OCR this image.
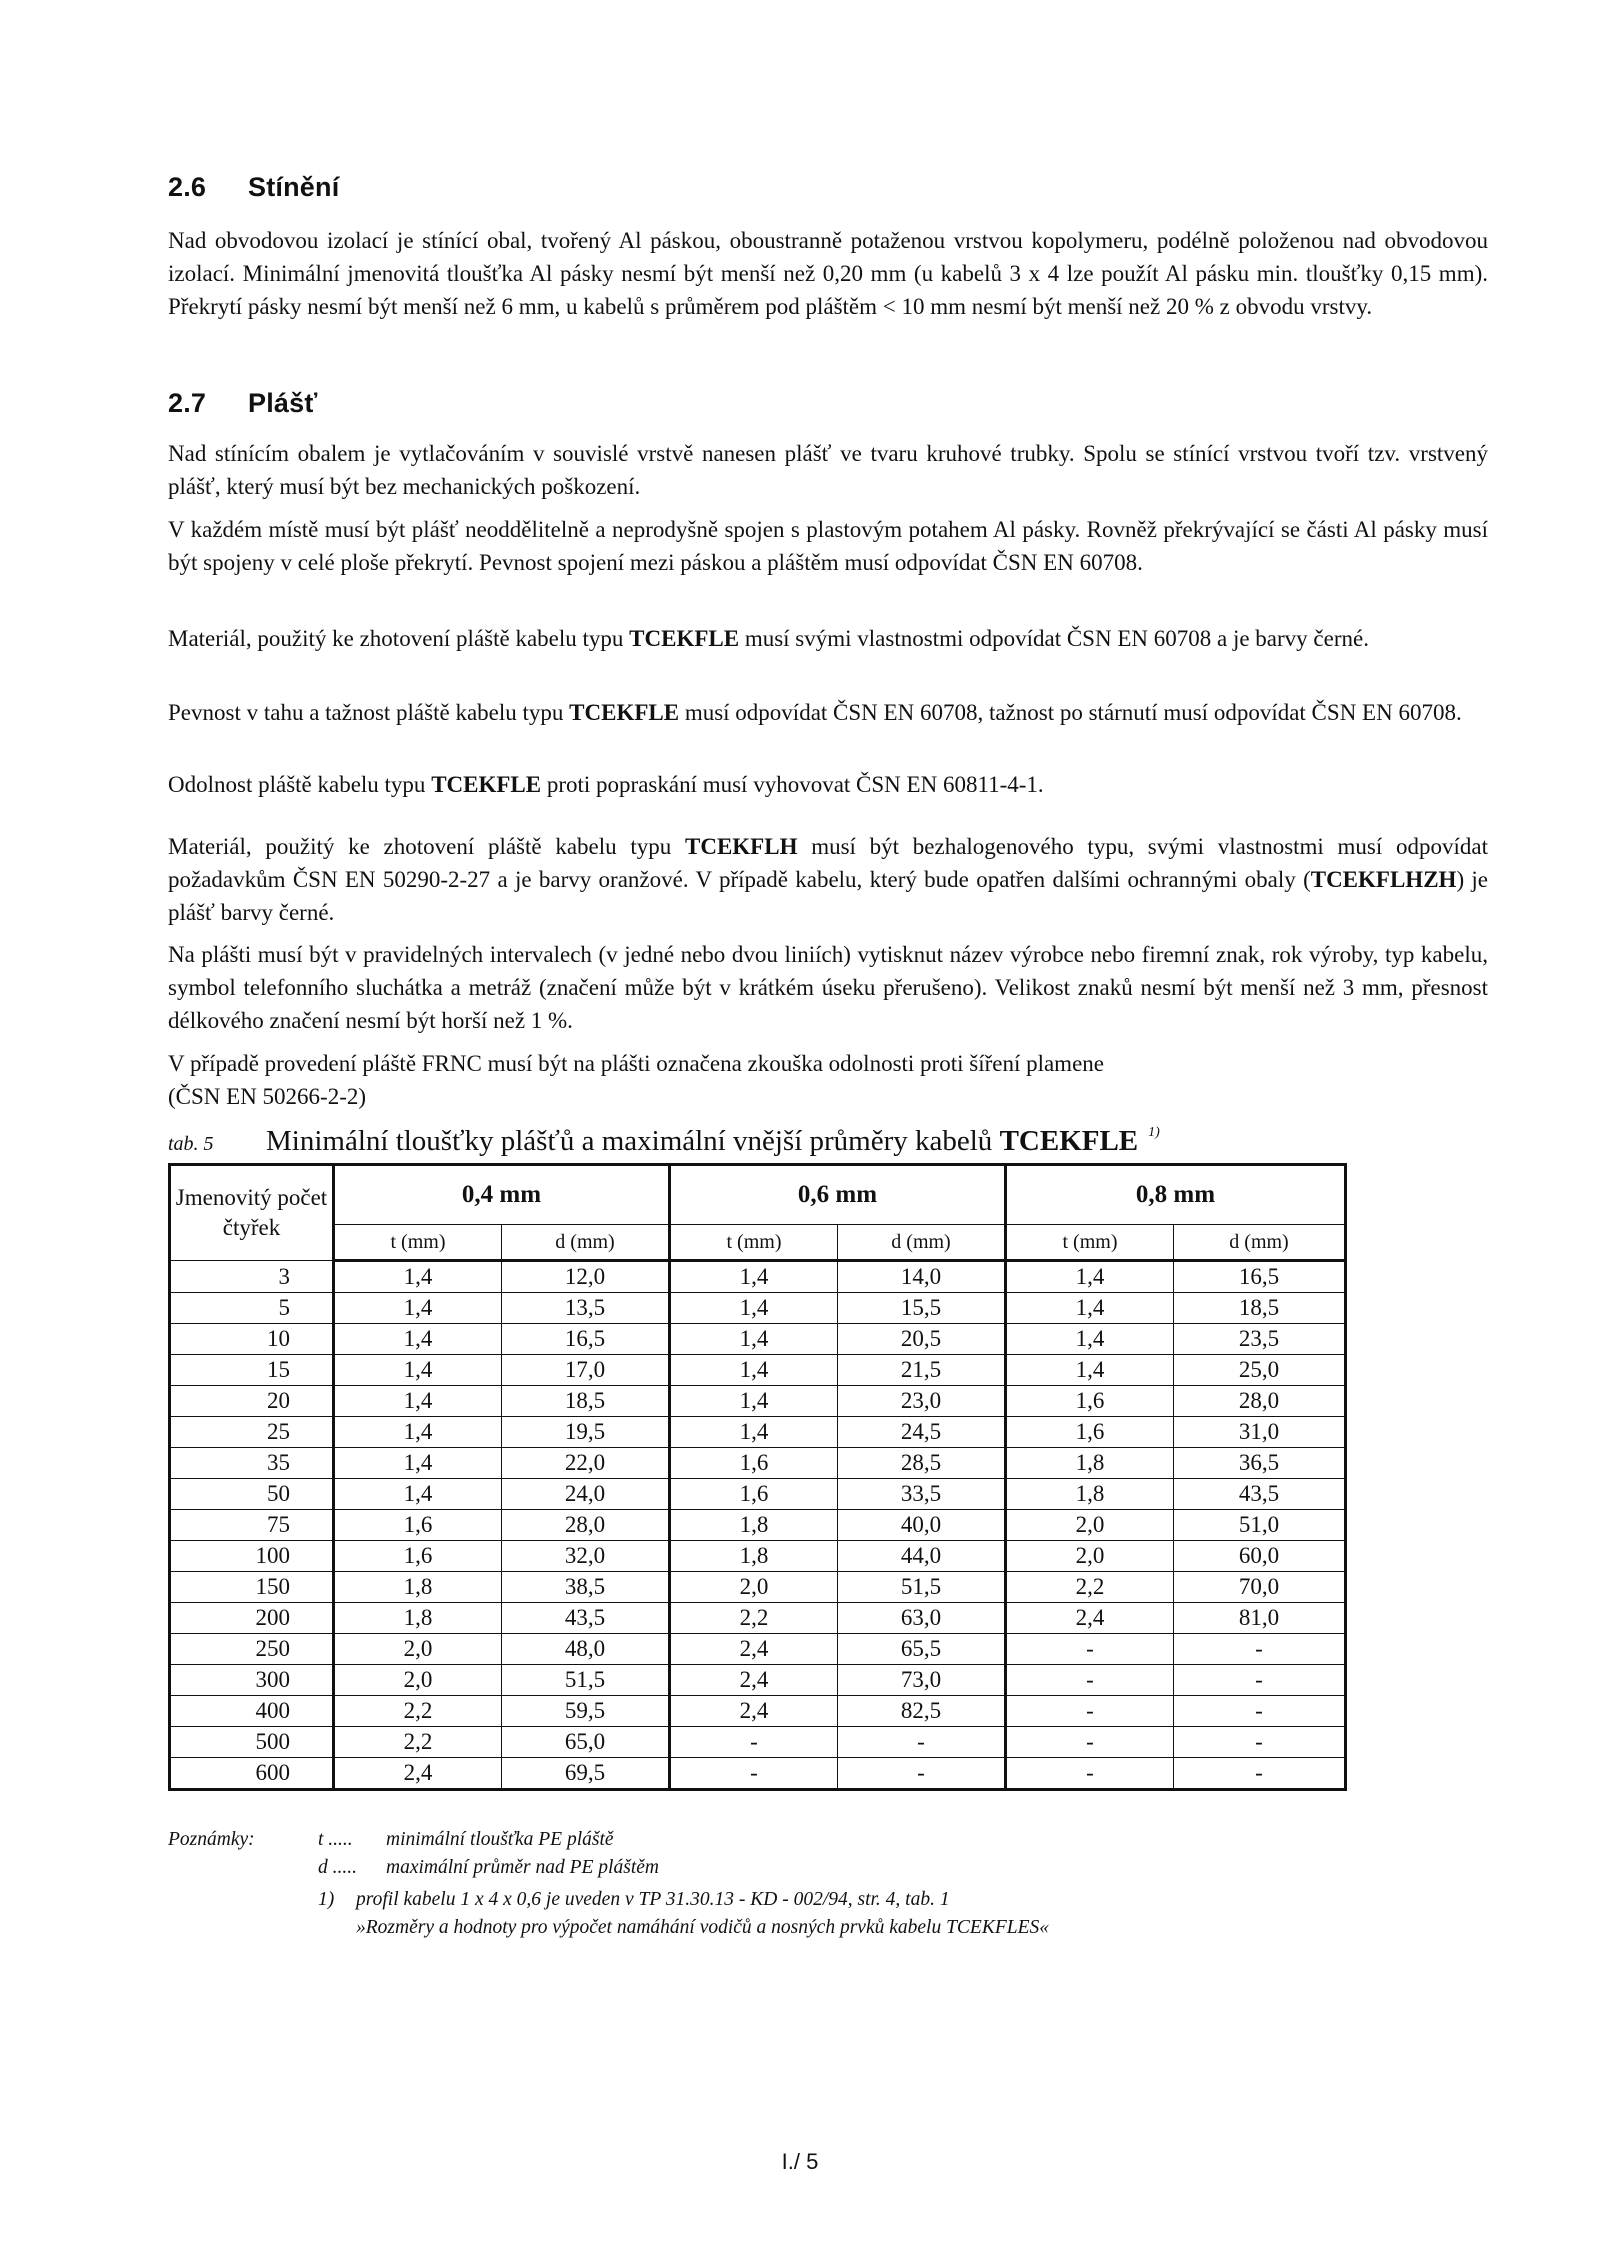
2.6 Stínění

Nad obvodovou izolací je stínící obal, tvořený Al páskou, oboustranně potaženou vrstvou kopolymeru, podélně položenou nad obvodovou izolací. Minimální jmenovitá tloušťka Al pásky nesmí být menší než 0,20 mm (u kabelů 3 x 4 lze použít Al pásku min. tloušťky 0,15 mm). Překrytí pásky nesmí být menší než 6 mm, u kabelů s průměrem pod pláštěm < 10 mm nesmí být menší než 20 % z obvodu vrstvy.

2.7 Plášť

Nad stínícím obalem je vytlačováním v souvislé vrstvě nanesen plášť ve tvaru kruhové trubky. Spolu se stínící vrstvou tvoří tzv. vrstvený plášť, který musí být bez mechanických poškození.

V každém místě musí být plášť neoddělitelně a neprodyšně spojen s plastovým potahem Al pásky. Rovněž překrývající se části Al pásky musí být spojeny v celé ploše překrytí. Pevnost spojení mezi páskou a pláštěm musí odpovídat ČSN EN 60708.

Materiál, použitý ke zhotovení pláště kabelu typu TCEKFLE musí svými vlastnostmi odpovídat ČSN EN 60708 a je barvy černé.

Pevnost v tahu a tažnost pláště kabelu typu TCEKFLE musí odpovídat ČSN EN 60708, tažnost po stárnutí musí odpovídat ČSN EN 60708.

Odolnost pláště kabelu typu TCEKFLE proti popraskání musí vyhovovat ČSN EN 60811-4-1.

Materiál, použitý ke zhotovení pláště kabelu typu TCEKFLH musí být bezhalogenového typu, svými vlastnostmi musí odpovídat požadavkům ČSN EN 50290-2-27 a je barvy oranžové. V případě kabelu, který bude opatřen dalšími ochrannými obaly (TCEKFLHZH) je plášť barvy černé.

Na plášti musí být v pravidelných intervalech (v jedné nebo dvou liniích) vytisknut název výrobce nebo firemní znak, rok výroby, typ kabelu, symbol telefonního sluchátka a metráž (značení může být v krátkém úseku přerušeno). Velikost znaků nesmí být menší než 3 mm, přesnost délkového značení nesmí být horší než 1 %.

V případě provedení pláště FRNC musí být na plášti označena zkouška odolnosti proti šíření plamene
(ČSN EN 50266-2-2)

tab. 5 Minimální tloušťky plášťů a maximální vnější průměry kabelů TCEKFLE $^{1)}$
Jmenovitý počet čtyřek	0,4 mm		0,6 mm		0,8 mm	
	t (mm)	d (mm)	t (mm)	d (mm)	t (mm)	d (mm)
3	1,4	12,0	1,4	14,0	1,4	16,5
5	1,4	13,5	1,4	15,5	1,4	18,5
10	1,4	16,5	1,4	20,5	1,4	23,5
15	1,4	17,0	1,4	21,5	1,4	25,0
20	1,4	18,5	1,4	23,0	1,6	28,0
25	1,4	19,5	1,4	24,5	1,6	31,0
35	1,4	22,0	1,6	28,5	1,8	36,5
50	1,4	24,0	1,6	33,5	1,8	43,5
75	1,6	28,0	1,8	40,0	2,0	51,0
100	1,6	32,0	1,8	44,0	2,0	60,0
150	1,8	38,5	2,0	51,5	2,2	70,0
200	1,8	43,5	2,2	63,0	2,4	81,0
250	2,0	48,0	2,4	65,5	-	-
300	2,0	51,5	2,4	73,0	-	-
400	2,2	59,5	2,4	82,5	-	-
500	2,2	65,0	-	-	-	-
600	2,4	69,5	-	-	-	-
Poznámky:	t ..... minimální tloušťka PE pláště
d ..... maximální průměr nad PE pláštěm
1) profil kabelu 1 x 4 x 0,6 je uveden v TP 31.30.13 - KD - 002/94, str. 4, tab. 1
»Rozměry a hodnoty pro výpočet namáhání vodičů a nosných prvků kabelu TCEKFLES«
I./ 5
